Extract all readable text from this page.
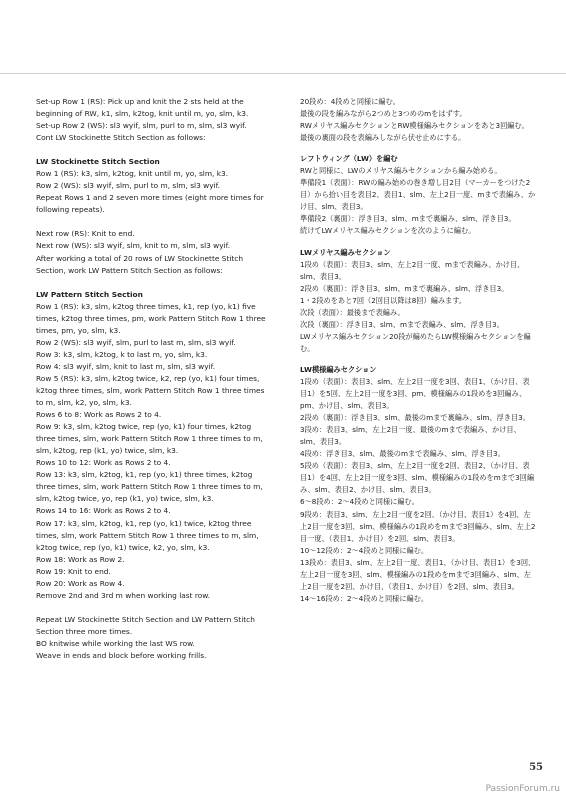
Set-up Row 1 (RS): Pick up and knit the 2 sts held at the beginning of RW, k1, slm, k2tog, knit until m, yo, slm, k3.

Set-up Row 2 (WS): sl3 wyif, slm, purl to m, slm, sl3 wyif.

Cont LW Stockinette Stitch Section as follows:

LW Stockinette Stitch Section

Row 1 (RS): k3, slm, k2tog, knit until m, yo, slm, k3.

Row 2 (WS): sl3 wyif, slm, purl to m, slm, sl3 wyif.

Repeat Rows 1 and 2 seven more times (eight more times for following repeats).

Next row (RS): Knit to end.

Next row (WS): sl3 wyif, slm, knit to m, slm, sl3 wyif.

After working a total of 20 rows of LW Stockinette Stitch Section, work LW Pattern Stitch Section as follows:

LW Pattern Stitch Section

Row 1 (RS): k3, slm, k2tog three times, k1, rep (yo, k1) five times, k2tog three times, pm, work Pattern Stitch Row 1 three times, pm, yo, slm, k3.

Row 2 (WS): sl3 wyif, slm, purl to last m, slm, sl3 wyif.

Row 3: k3, slm, k2tog, k to last m, yo, slm, k3.

Row 4: sl3 wyif, slm, knit to last m, slm, sl3 wyif.

Row 5 (RS): k3, slm, k2tog twice, k2, rep (yo, k1) four times, k2tog three times, slm, work Pattern Stitch Row 1 three times to m, slm, k2, yo, slm, k3.

Rows 6 to 8: Work as Rows 2 to 4.

Row 9: k3, slm, k2tog twice, rep (yo, k1) four times, k2tog three times, slm, work Pattern Stitch Row 1 three times to m, slm, k2tog, rep (k1, yo) twice, slm, k3.

Rows 10 to 12: Work as Rows 2 to 4.

Row 13: k3, slm, k2tog, k1, rep (yo, k1) three times, k2tog three times, slm, work Pattern Stitch Row 1 three times to m, slm, k2tog twice, yo, rep (k1, yo) twice, slm, k3.

Rows 14 to 16: Work as Rows 2 to 4.

Row 17: k3, slm, k2tog, k1, rep (yo, k1) twice, k2tog three times, slm, work Pattern Stitch Row 1 three times to m, slm, k2tog twice, rep (yo, k1) twice, k2, yo, slm, k3.

Row 18: Work as Row 2.

Row 19: Knit to end.

Row 20: Work as Row 4.

Remove 2nd and 3rd m when working last row.

Repeat LW Stockinette Stitch Section and LW Pattern Stitch Section three more times.

BO knitwise while working the last WS row.

Weave in ends and block before working frills.

20段め：4段めと同様に編む。

最後の段を編みながら2つめと3つめのmをはずす。

RWメリヤス編みセクションとRW模様編みセクションをあと3回編む。

最後の裏面の段を表編みしながら伏せ止めにする。

レフトウィング（LW）を編む

RWと同様に、LWのメリヤス編みセクションから編み始める。

準備段1（表面）：RWの編み始めの巻き増し目2目（マーカーをつけた2目）から拾い目を表目2、表目1、slm、左上2目一度、mまで表編み、かけ目、slm、表目3。

準備段2（裏面）：浮き目3、slm、mまで裏編み、slm、浮き目3。

続けてLWメリヤス編みセクションを次のように編む。

LWメリヤス編みセクション

1段め（表面）：表目3、slm、左上2目一度、mまで表編み、かけ目、slm、表目3。

2段め（裏面）：浮き目3、slm、mまで裏編み、slm、浮き目3。

1・2段めをあと7回（2回目以降は8回）編みます。

次段（表面）：最後まで表編み。

次段（裏面）：浮き目3、slm、mまで表編み、slm、浮き目3。

LWメリヤス編みセクション20段が編めたらLW模様編みセクションを編む。

LW模様編みセクション

1段め（表面）：表目3、slm、左上2目一度を3回、表目1、（かけ目、表目1）を5回、左上2目一度を3回、pm、模様編みの1段めを3回編み、pm、かけ目、slm、表目3。

2段め（裏面）：浮き目3、slm、最後のmまで裏編み、slm、浮き目3。

3段め：表目3、slm、左上2目一度、最後のmまで表編み、かけ目、slm、表目3。

4段め：浮き目3、slm、最後のmまで表編み、slm、浮き目3。

5段め（表面）：表目3、slm、左上2目一度を2回、表目2、（かけ目、表目1）を4回、左上2目一度を3回、slm、模様編みの1段めをmまで3回編み、slm、表目2、かけ目、slm、表目3。

6～8段め：2～4段めと同様に編む。

9段め：表目3、slm、左上2目一度を2回、（かけ目、表目1）を4回、左上2目一度を3回、slm、模様編みの1段めをmまで3回編み、slm、左上2目一度、（表目1、かけ目）を2回、slm、表目3。

10～12段め：2～4段めと同様に編む。

13段め：表目3、slm、左上2目一度、表目1、（かけ目、表目1）を3回、左上2目一度を3回、slm、模様編みの1段めをmまで3回編み、slm、左上2目一度を2回、かけ目、（表目1、かけ目）を2回、slm、表目3。

14～16段め：2～4段めと同様に編む。

55
PassionForum.ru
